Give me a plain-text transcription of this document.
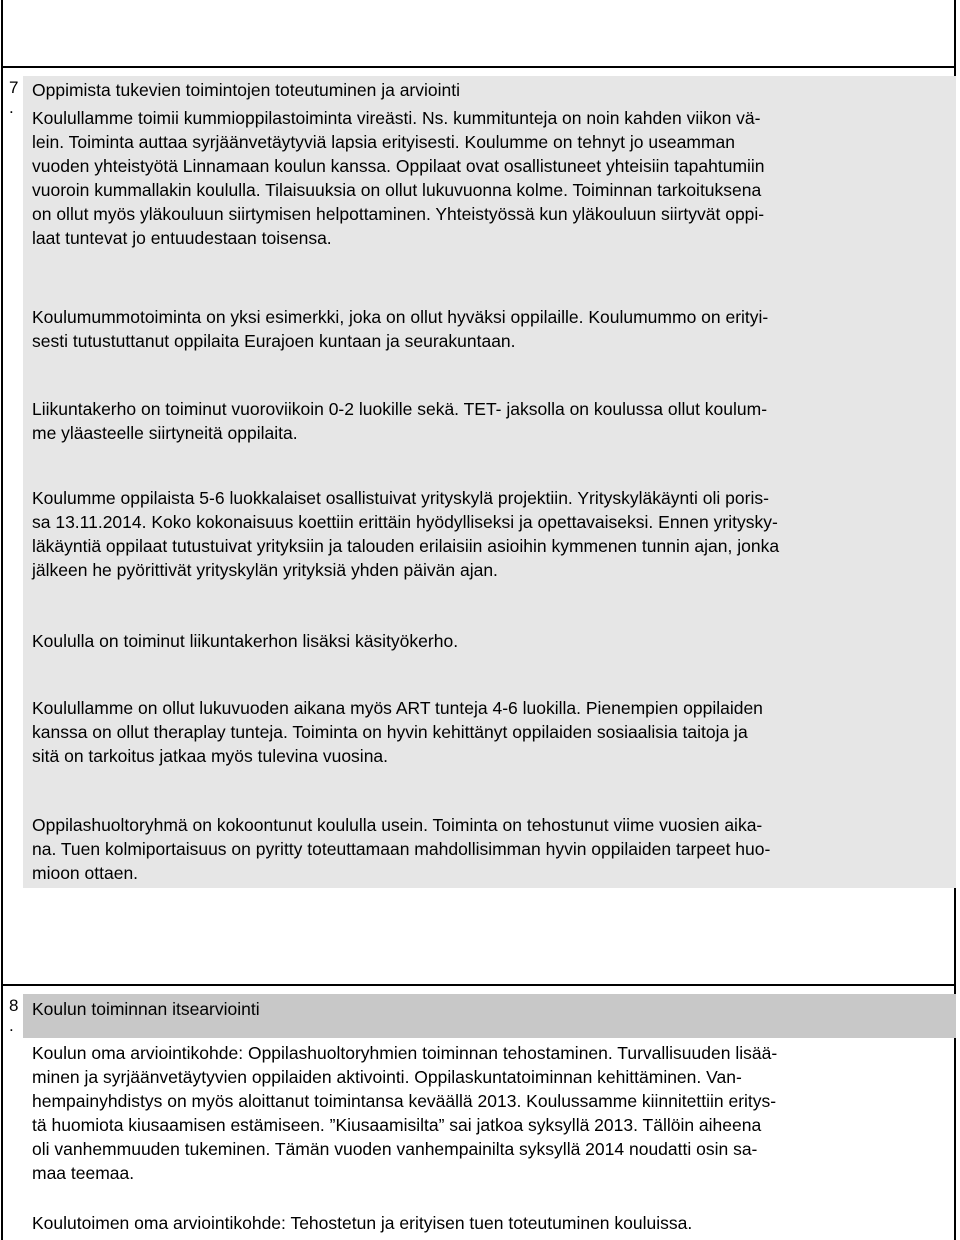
7
.
Oppimista tukevien toimintojen toteutuminen ja arviointi
Koulullamme toimii kummioppilastoiminta vireästi. Ns. kummitunteja on noin kahden viikon vä-
lein. Toiminta auttaa syrjäänvetäytyviä lapsia erityisesti. Koulumme on tehnyt jo useamman
vuoden yhteistyötä Linnamaan koulun kanssa. Oppilaat ovat osallistuneet yhteisiin tapahtumiin
vuoroin kummallakin koululla. Tilaisuuksia on ollut lukuvuonna kolme. Toiminnan tarkoituksena
on ollut myös yläkouluun siirtymisen helpottaminen. Yhteistyössä kun yläkouluun siirtyvät oppi-
laat tuntevat jo entuudestaan toisensa.
Koulumummotoiminta on yksi esimerkki, joka on ollut hyväksi oppilaille. Koulumummo on erityi-
sesti tutustuttanut oppilaita Eurajoen kuntaan ja seurakuntaan.
Liikuntakerho on toiminut vuoroviikoin 0-2 luokille sekä. TET- jaksolla on koulussa ollut koulum-
me yläasteelle siirtyneitä oppilaita.
Koulumme oppilaista 5-6 luokkalaiset osallistuivat yrityskylä projektiin. Yrityskyläkäynti oli poris-
sa 13.11.2014. Koko kokonaisuus koettiin erittäin hyödylliseksi ja opettavaiseksi. Ennen yritysky-
läkäyntiä oppilaat tutustuivat yrityksiin ja talouden erilaisiin asioihin kymmenen tunnin ajan, jonka
jälkeen he pyörittivät yrityskylän yrityksiä yhden päivän ajan.
Koululla on toiminut liikuntakerhon lisäksi käsityökerho.
Koulullamme on ollut lukuvuoden aikana myös ART tunteja 4-6 luokilla. Pienempien oppilaiden
kanssa on ollut theraplay tunteja. Toiminta on hyvin kehittänyt oppilaiden sosiaalisia taitoja ja
sitä on tarkoitus jatkaa myös tulevina vuosina.
Oppilashuoltoryhmä on kokoontunut koululla usein. Toiminta on tehostunut viime vuosien aika-
na. Tuen kolmiportaisuus on pyritty toteuttamaan mahdollisimman hyvin oppilaiden tarpeet huo-
mioon ottaen.
8
.
Koulun toiminnan itsearviointi
Koulun oma arviointikohde: Oppilashuoltoryhmien toiminnan tehostaminen. Turvallisuuden lisää-
minen ja syrjäänvetäytyvien oppilaiden aktivointi. Oppilaskuntatoiminnan kehittäminen. Van-
hempainyhdistys on myös aloittanut toimintansa keväällä 2013. Koulussamme kiinnitettiin eritys-
tä huomiota kiusaamisen estämiseen. ”Kiusaamisilta” sai jatkoa syksyllä 2013. Tällöin aiheena
oli vanhemmuuden tukeminen. Tämän vuoden vanhempainilta syksyllä 2014 noudatti osin sa-
maa teemaa.
Koulutoimen oma arviointikohde: Tehostetun ja erityisen tuen toteutuminen kouluissa.
